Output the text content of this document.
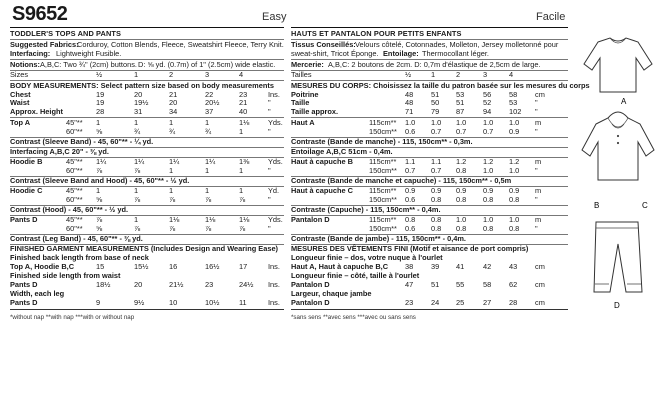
S9652	Easy	Facile
TODDLER'S TOPS AND PANTS
Suggested Fabrics:
Corduroy, Cotton Blends, Fleece, Sweatshirt Fleece, Terry Knit.
Interfacing: Lightweight Fusible.
Notions: A,B,C: Two ¾" (2cm) buttons. D: ⅝ yd. (0.7m) of 1" (2.5cm) wide elastic.
Sizes	½	1	2	3	4
BODY MEASUREMENTS: Select pattern size based on body measurements
Chest	19	20	21	22	23	Ins.
Waist	19	19½	20	20½	21	"
Approx. Height	28	31	34	37	40	"
Top A	45"** 1	1	1	1	1⅛	Yds.
60"** ⅝	¾	¾	¾	1	"
Contrast (Sleeve Band) - 45, 60"** - ¼ yd.
Interfacing A,B,C 20" - ⅜ yd.
Hoodie B	45"** 1¼	1¼	1¼	1¼	1⅜	Yds.
60"** ⅞	⅞	1	1	1	"
Contrast (Sleeve Band and Hood) - 45, 60"** - ½ yd.
Hoodie C	45"** 1	1	1	1	1	Yd.
60"** ⅝	⅞	⅞	⅞	⅞	"
Contrast (Hood) - 45, 60"** - ½ yd.
Pants D	45"** ⅞	1	1⅛	1⅛	1⅛	Yds.
60"** ⅝	⅞	⅞	⅞	⅞	"
Contrast (Leg Band) - 45, 60"** - ⅜ yd.
FINISHED GARMENT MEASUREMENTS (Includes Design and Wearing Ease)
Finished back length from base of neck
Top A, Hoodie B,C	15	15½	16	16½	17	Ins.
Finished side length from waist
Pants D	18½	20	21½	23	24½ Ins.
Width, each leg
Pants D	9	9½	10	10½	11	Ins.
*without nap **with nap ***with or without nap
HAUTS ET PANTALON POUR PETITS ENFANTS
Tissus Conseillés: Velours côtelé, Cotonnades, Molleton, Jersey molletonné pour
sweat-shirt, Tricot Éponge. Entoilage: Thermocollant léger.
Mercerie: A,B,C: 2 boutons de 2cm. D: 0,7m d'élastique de 2,5cm de large.
Tailles	½	1	2	3	4
MESURES DU CORPS: Choisissez la taille du patron basée sur les mesures du corps
Poitrine	48 51 53	56 58 cm
Taille	48 50 51	52 53 "
Taille approx.	71 79 87	94 102 "
Haut A	115cm** 1.0 1.0 1.0 1.0 1.0 m
150cm** 0.6 0.7 0.7 0.7 0.9 "
Contraste (Bande de manche) - 115, 150cm** - 0,3m.
Entoilage A,B,C 51cm - 0,4m.
Haut à capuche B 115cm** 1.1 1.1 1.2 1.2 1.2 m
150cm** 0.7 0.7 0.8 1.0 1.0 "
Contraste (Bande de manche et capuche) - 115, 150cm** - 0,5m
Haut à capuche C 115cm** 0.9 0.9 0.9 0.9 0.9 m
150cm** 0.6 0.8 0.8 0.8 0.8 "
Contraste (Capuche) - 115, 150cm** - 0,4m.
Pantalon D	115cm** 0.8 0.8 1.0 1.0 1.0 m
150cm** 0.6 0.8 0.8 0.8 0.8 "
Contraste (Bande de jambe) - 115, 150cm** - 0,4m.
MESURES DES VÊTEMENTS FINI (Motif et aisance de port compris)
Longueur finie – dos, votre nuque à l'ourlet
Haut A, Haut à capuche B,C 38 39 41	42 43 cm
Longueur finie – côté, taille à l'ourlet
Pantalon D	47 51 55	58 62 cm
Largeur, chaque jambe
Pantalon D	23 24 25	27 28 cm
*sans sens **avec sens ***avec ou sans sens
A
B	C
D
